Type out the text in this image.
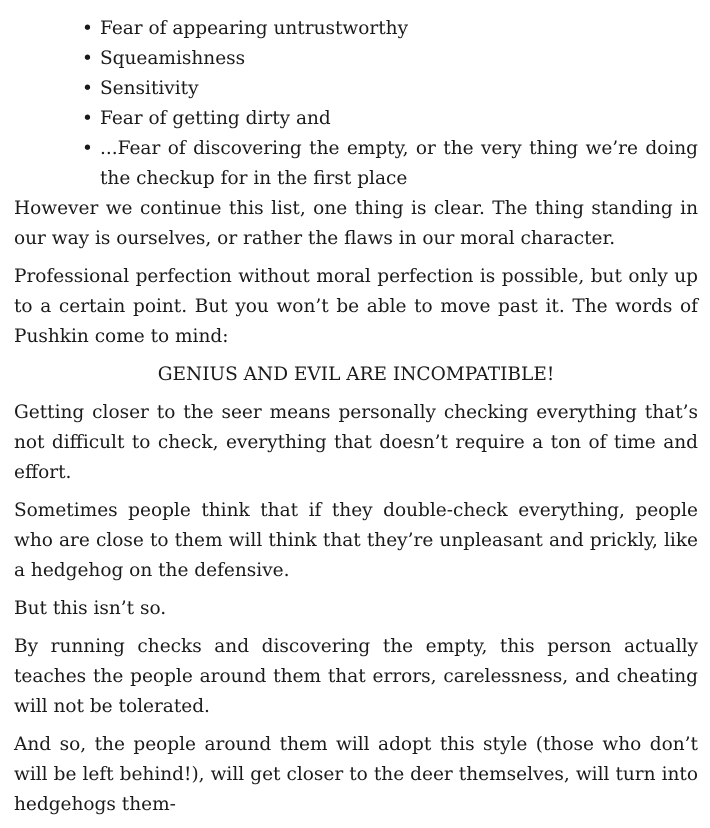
• Fear of appearing untrustworthy
• Squeamishness
• Sensitivity
• Fear of getting dirty and
• ...Fear of discovering the empty, or the very thing we’re doing the checkup for in the first place

However we continue this list, one thing is clear. The thing standing in our way is ourselves, or rather the flaws in our moral character.

Professional perfection without moral perfection is possible, but only up to a certain point. But you won’t be able to move past it. The words of Pushkin come to mind:

GENIUS AND EVIL ARE INCOMPATIBLE!

Getting closer to the seer means personally checking everything that’s not difficult to check, everything that doesn’t require a ton of time and effort.

Sometimes people think that if they double-check everything, people who are close to them will think that they’re unpleasant and prickly, like a hedgehog on the defensive.

But this isn’t so.

By running checks and discovering the empty, this person actually teaches the people around them that errors, carelessness, and cheating will not be tolerated.

And so, the people around them will adopt this style (those who don’t will be left behind!), will get closer to the deer themselves, will turn into hedgehogs them-
